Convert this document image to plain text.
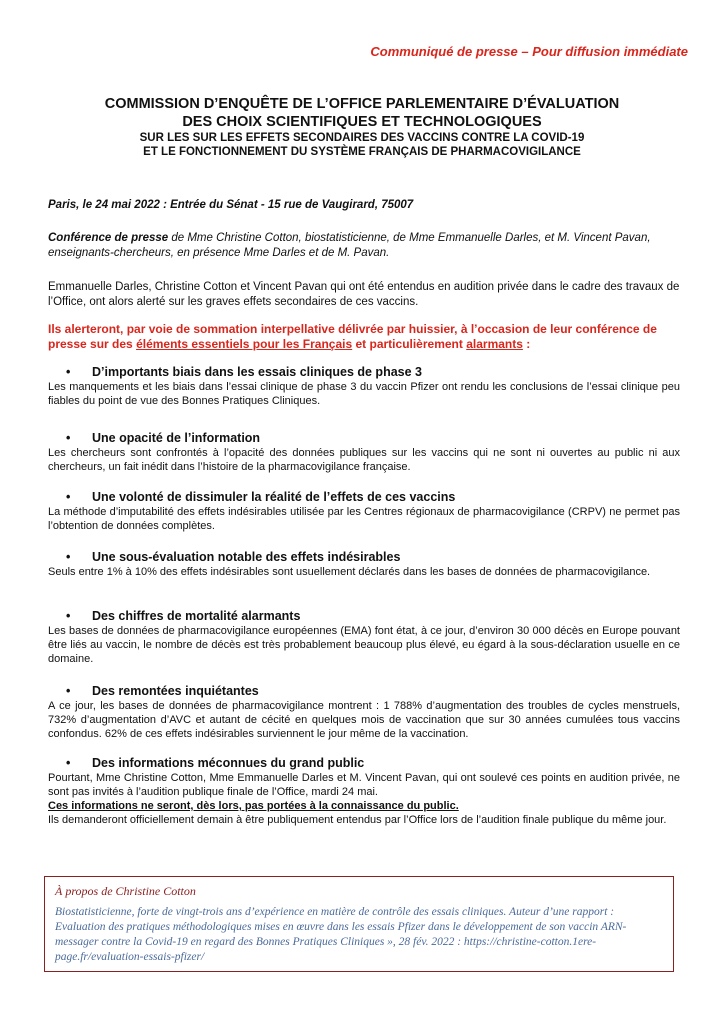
Communiqué de presse – Pour diffusion immédiate
COMMISSION D’ENQUÊTE DE L’OFFICE PARLEMENTAIRE D’ÉVALUATION
DES CHOIX SCIENTIFIQUES ET TECHNOLOGIQUES
SUR LES SUR LES EFFETS SECONDAIRES DES VACCINS CONTRE LA COVID-19
ET LE FONCTIONNEMENT DU SYSTÈME FRANÇAIS DE PHARMACOVIGILANCE
Paris, le 24 mai 2022 : Entrée du Sénat - 15 rue de Vaugirard, 75007
Conférence de presse de Mme Christine Cotton, biostatisticienne, de Mme Emmanuelle Darles, et M. Vincent Pavan, enseignants-chercheurs, en présence Mme Darles et de M. Pavan.
Emmanuelle Darles, Christine Cotton et Vincent Pavan qui ont été entendus en audition privée dans le cadre des travaux de l’Office, ont alors alerté sur les graves effets secondaires de ces vaccins.
Ils alerteront, par voie de sommation interpellative délivrée par huissier, à l’occasion de leur conférence de presse sur des éléments essentiels pour les Français et particulièrement alarmants :
• D’importants biais dans les essais cliniques de phase 3
Les manquements et les biais dans l’essai clinique de phase 3 du vaccin Pfizer ont rendu les conclusions de l’essai clinique peu fiables du point de vue des Bonnes Pratiques Cliniques.
• Une opacité de l’information
Les chercheurs sont confrontés à l’opacité des données publiques sur les vaccins qui ne sont ni ouvertes au public ni aux chercheurs, un fait inédit dans l’histoire de la pharmacovigilance française.
• Une volonté de dissimuler la réalité de l’effets de ces vaccins
La méthode d’imputabilité des effets indésirables utilisée par les Centres régionaux de pharmacovigilance (CRPV) ne permet pas l’obtention de données complètes.
• Une sous-évaluation notable des effets indésirables
Seuls entre 1% à 10% des effets indésirables sont usuellement déclarés dans les bases de données de pharmacovigilance.
• Des chiffres de mortalité alarmants
Les bases de données de pharmacovigilance européennes (EMA) font état, à ce jour, d’environ 30 000 décès en Europe pouvant être liés au vaccin, le nombre de décès est très probablement beaucoup plus élevé, eu égard à la sous-déclaration usuelle en ce domaine.
• Des remontées inquiétantes
A ce jour, les bases de données de pharmacovigilance montrent : 1 788% d’augmentation des troubles de cycles menstruels, 732% d’augmentation d’AVC et autant de cécité en quelques mois de vaccination que sur 30 années cumulées tous vaccins confondus. 62% de ces effets indésirables surviennent le jour même de la vaccination.
• Des informations méconnues du grand public
Pourtant, Mme Christine Cotton, Mme Emmanuelle Darles et M. Vincent Pavan, qui ont soulevé ces points en audition privée, ne sont pas invités à l’audition publique finale de l’Office, mardi 24 mai.
Ces informations ne seront, dès lors, pas portées à la connaissance du public.
Ils demanderont officiellement demain à être publiquement entendus par l’Office lors de l’audition finale publique du même jour.
À propos de Christine Cotton
Biostatisticienne, forte de vingt-trois ans d’expérience en matière de contrôle des essais cliniques. Auteur d’une rapport : Evaluation des pratiques méthodologiques mises en œuvre dans les essais Pfizer dans le développement de son vaccin ARN-messager contre la Covid-19 en regard des Bonnes Pratiques Cliniques », 28 fév. 2022 : https://christine-cotton.1ere-page.fr/evaluation-essais-pfizer/
